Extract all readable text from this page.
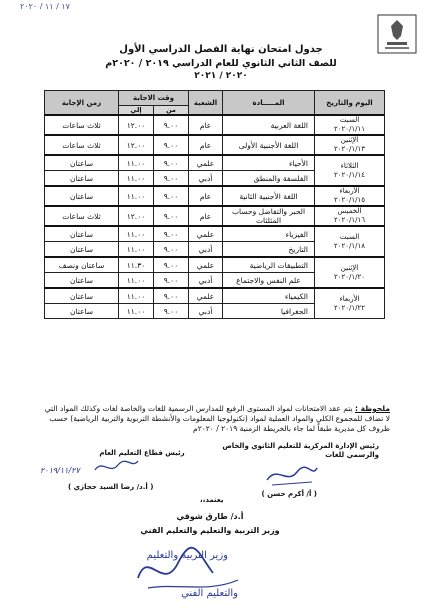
١٧ / ١١ / ٢٠٢٠
جدول امتحان نهاية الفصل الدراسي الأول
للصف الثاني الثانوي للعام الدراسي ٢٠١٩ / ٢٠٢٠م
٢٠٢٠ / ٢٠٢١
اليوم والتاريخ	المـــــادة	الشعبة	وقت الاجابة		زمن الإجابة
			من	إلي	

السبت
٢٠٢٠/١/١١	اللغة العربية	عام	٩.٠٠	١٢.٠٠	ثلاث ساعات

الإثنين
٢٠٢٠/١/١٣	اللغة الأجنبية الأولى	عام	٩.٠٠	١٢.٠٠	ثلاث ساعات

الثلاثاء
٢٠٢٠/١/١٤	الأحياء	علمي	٩.٠٠	١١.٠٠	ساعتان
	الفلسفة والمنطق	أدبي	٩.٠٠	١١.٠٠	ساعتان

الأربعاء
٢٠٢٠/١/١٥	اللغة الأجنبية الثانية	عام	٩.٠٠	١١.٠٠	ساعتان

الخميس
٢٠٢٠/١/١٦	الجبر والتفاضل وحساب المثلثات	عام	٩.٠٠	١٢.٠٠	ثلاث ساعات

السبت
٢٠٢٠/١/١٨	الفيزياء	علمي	٩.٠٠	١١.٠٠	ساعتان
	التاريخ	أدبي	٩.٠٠	١١.٠٠	ساعتان

الإثنين
٢٠٢٠/١/٢٠	التطبيقات الرياضية	علمي	٩.٠٠	١١.٣٠	ساعتان ونصف
	علم النفس والاجتماع	أدبي	٩.٠٠	١١.٠٠	ساعتان

الأربعاء
٢٠٢٠/١/٢٢	الكيمياء	علمي	٩.٠٠	١١.٠٠	ساعتان
	الجغرافيا	أدبي	٩.٠٠	١١.٠٠	ساعتان
ملحوظة : يتم عقد الامتحانات لمواد المستوى الرفيع للمدارس الرسمية للغات والخاصة لغات وكذلك المواد التي لا تضاف للمجموع الكلي والمواد العملية لمواد (تكنولوجيا المعلومات والأنشطة التربوية والتربية الرياضية) حسب ظروف كل مديرية طبقاً لما جاء بالخريطة الزمنية ٢٠١٩ / ٢٠٢٠م
رئيس الإدارة المركزية للتعليم الثانوي والخاص
والرسمي للغات
( أ/ أكرم حسن )
رئيس قطاع التعليم العام
٢٠١٩/١١/٢٧
( أ.د/ رضا السيد حجازي )
يعتمد،،
أ.د/ طارق شوقي
وزير التربية والتعليم والتعليم الفني
وزير التربية والتعليم
والتعليم الفني
